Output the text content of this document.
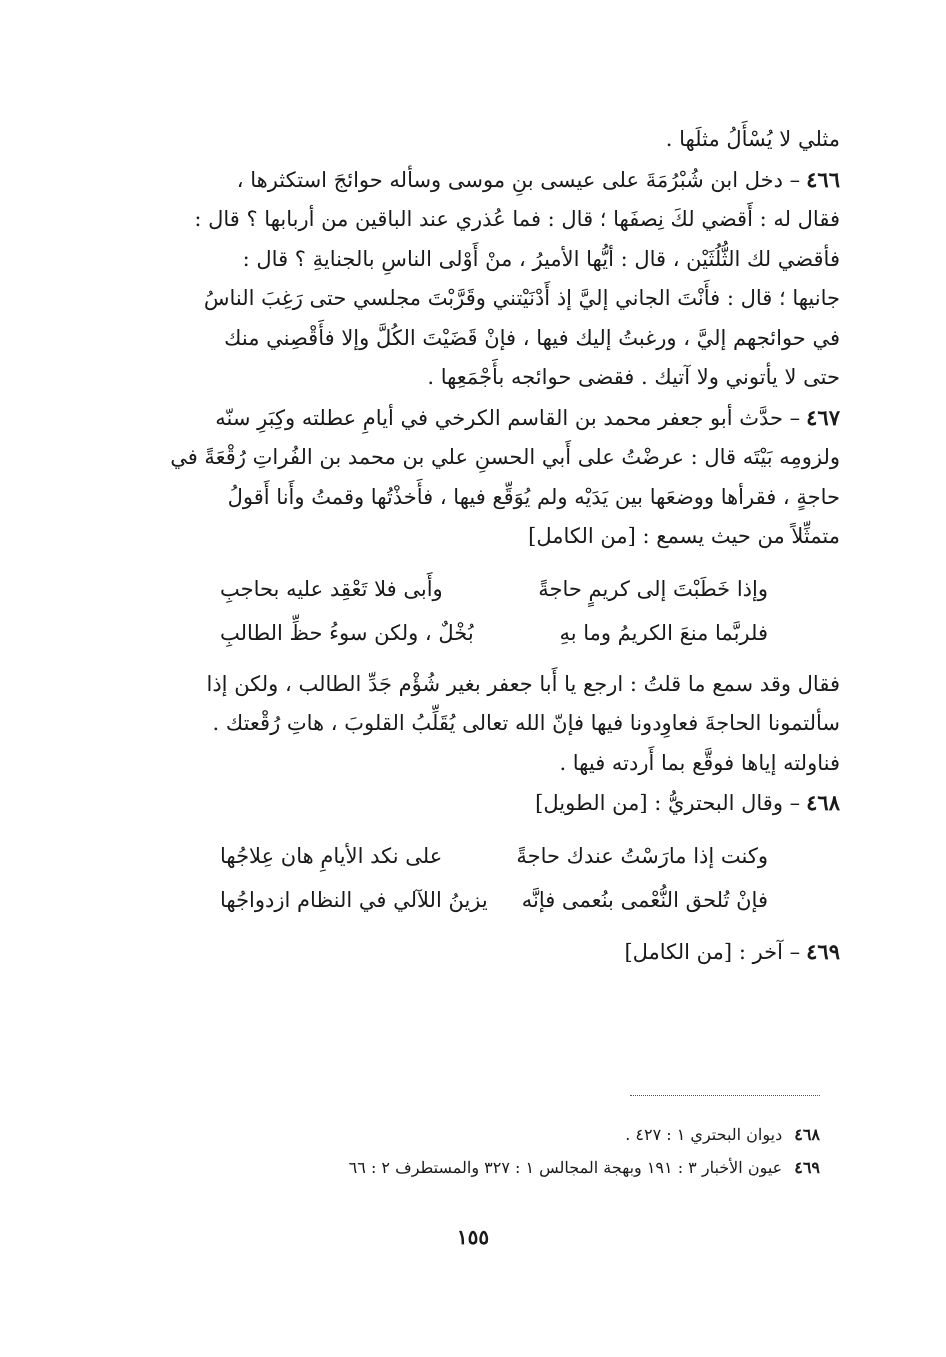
مثلي لا يُسْأَلُ مثلَها .

٤٦٦– دخل ابن شُبْرُمَةَ على عيسى بنِ موسى وسأله حوائجَ استكثرها ،

فقال له : أَقضي لكَ نِصفَها ؛ قال : فما عُذري عند الباقين من أربابها ؟ قال :

فأقضي لك الثُّلُثَيْن ، قال : أيُّها الأميرُ ، منْ أَوْلى الناسِ بالجنايةِ ؟ قال :

جانيها ؛ قال : فأَنْتَ الجاني إليَّ إذ أَدْنَيْتني وقَرَّبْتَ مجلسي حتى رَغِبَ الناسُ

في حوائجهم إليَّ ، ورغبتُ إليك فيها ، فإنْ قَضَيْتَ الكُلَّ وإلا فأَقْصِني منك

حتى لا يأتوني ولا آتيك . فقضى حوائجه بأَجْمَعِها .

٤٦٧– حدَّث أبو جعفر محمد بن القاسم الكرخي في أيامِ عطلته وكِبَرِ سنّه

ولزومِه بَيْتَه قال : عرضْتُ على أَبي الحسنِ علي بن محمد بن الفُراتِ رُقْعَةً في

حاجةٍ ، فقرأها ووضعَها بين يَدَيْه ولم يُوَقِّع فيها ، فأَخذْتُها وقمتُ وأَنا أَقولُ

متمثِّلاً من حيث يسمع : [من الكامل]

وإذا خَطَبْتَ إلى كريمٍ حاجةً
وأَبى فلا تَعْقِد عليه بحاجبِ
فلربَّما منعَ الكريمُ وما بهِ
بُخْلٌ ، ولكن سوءُ حظِّ الطالبِ

فقال وقد سمع ما قلتُ : ارجع يا أَبا جعفر بغير شُؤْم جَدِّ الطالب ، ولكن إذا

سألتمونا الحاجةَ فعاوِدونا فيها فإنّ الله تعالى يُقَلِّبُ القلوبَ ، هاتِ رُقْعتك .

فناولته إياها فوقَّع بما أَردته فيها .

٤٦٨– وقال البحتريُّ : [من الطويل]

وكنت إذا مارَسْتُ عندك حاجةً
على نكد الأيامِ هان عِلاجُها
فإنْ تُلحق النُّعْمى بنُعمى فإنَّه
يزينُ اللآلي في النظام ازدواجُها

٤٦٩– آخر : [من الكامل]

٤٦٨ديوان البحتري ١ : ٤٢٧ .
٤٦٩عيون الأخبار ٣ : ١٩١ وبهجة المجالس ١ : ٣٢٧ والمستطرف ٢ : ٦٦
١٥٥
